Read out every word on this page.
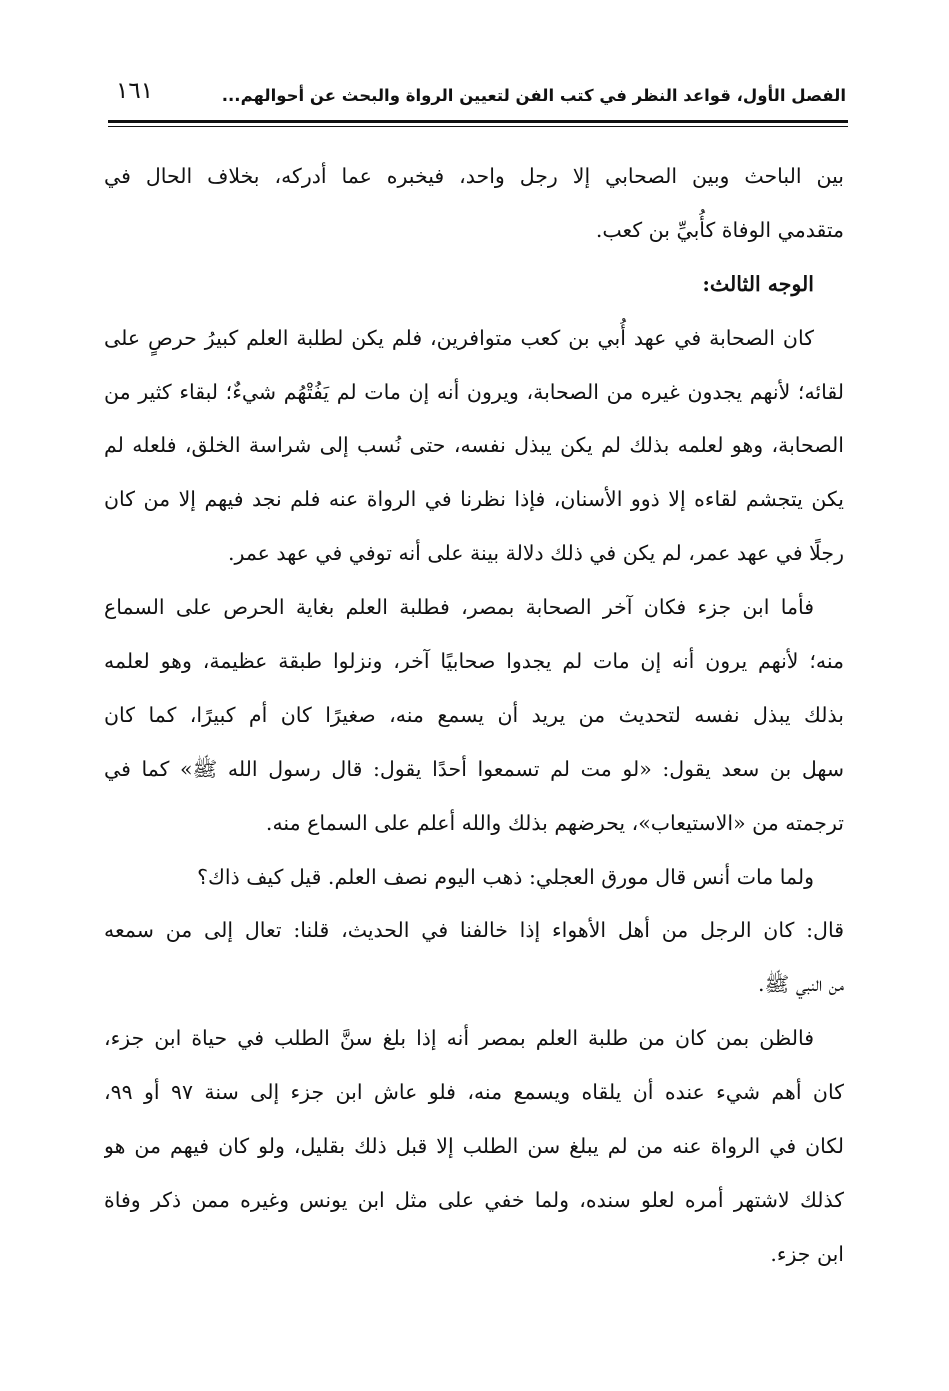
الفصل الأول، قواعد النظر في كتب الفن لتعيين الرواة والبحث عن أحوالهم...
١٦١
بين الباحث وبين الصحابي إلا رجل واحد، فيخبره عما أدركه، بخلاف الحال في
متقدمي الوفاة كأُبيِّ بن كعب.
الوجه الثالث:
كان الصحابة في عهد أُبي بن كعب متوافرين، فلم يكن لطلبة العلم كبيرُ حرصٍ على
لقائه؛ لأنهم يجدون غيره من الصحابة، ويرون أنه إن مات لم يَفُتْهُم شيءٌ؛ لبقاء كثير من
الصحابة، وهو لعلمه بذلك لم يكن يبذل نفسه، حتى نُسب إلى شراسة الخلق، فلعله لم
يكن يتجشم لقاءه إلا ذوو الأسنان، فإذا نظرنا في الرواة عنه فلم نجد فيهم إلا من كان
رجلًا في عهد عمر، لم يكن في ذلك دلالة بينة على أنه توفي في عهد عمر.
فأما ابن جزء فكان آخر الصحابة بمصر، فطلبة العلم بغاية الحرص على السماع
منه؛ لأنهم يرون أنه إن مات لم يجدوا صحابيًا آخر، ونزلوا طبقة عظيمة، وهو لعلمه
بذلك يبذل نفسه لتحديث من يريد أن يسمع منه، صغيرًا كان أم كبيرًا، كما كان
سهل بن سعد يقول: «لو مت لم تسمعوا أحدًا يقول: قال رسول الله ﷺ» كما في
ترجمته من «الاستيعاب»، يحرضهم بذلك والله أعلم على السماع منه.
ولما مات أنس قال مورق العجلي: ذهب اليوم نصف العلم. قيل كيف ذاك؟
قال: كان الرجل من أهل الأهواء إذا خالفنا في الحديث، قلنا: تعال إلى من سمعه
من النبي ﷺ.
فالظن بمن كان من طلبة العلم بمصر أنه إذا بلغ سنَّ الطلب في حياة ابن جزء،
كان أهم شيء عنده أن يلقاه ويسمع منه، فلو عاش ابن جزء إلى سنة ٩٧ أو ٩٩،
لكان في الرواة عنه من لم يبلغ سن الطلب إلا قبل ذلك بقليل، ولو كان فيهم من هو
كذلك لاشتهر أمره لعلو سنده، ولما خفي على مثل ابن يونس وغيره ممن ذكر وفاة
ابن جزء.
